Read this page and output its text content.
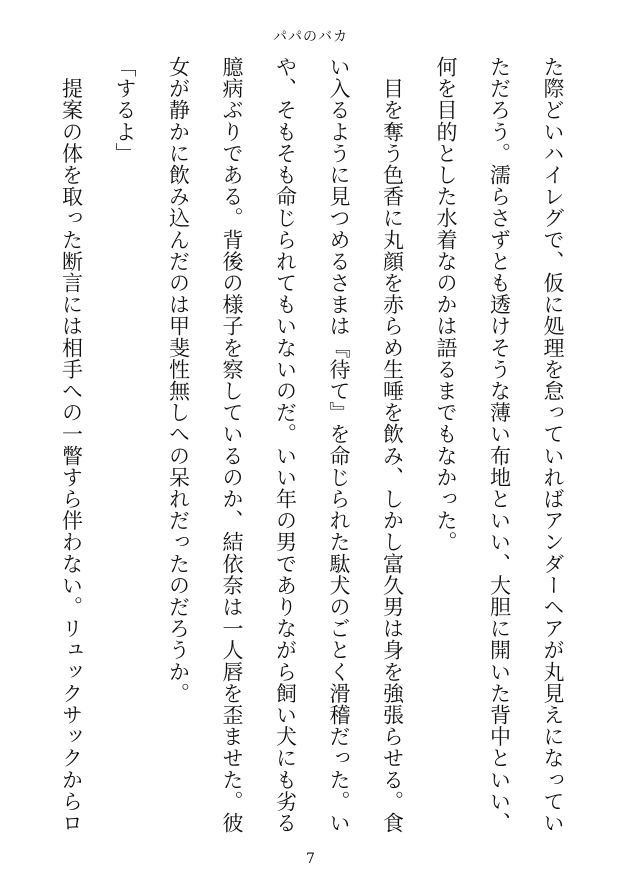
パパのバカ
た際どいハイレグで、仮に処理を怠っていればアンダーヘアが丸見えになってい
ただろう。濡らさずとも透けそうな薄い布地といい、大胆に開いた背中といい、
何を目的とした水着なのかは語るまでもなかった。
　目を奪う色香に丸顔を赤らめ生唾を飲み、しかし富久男は身を強張らせる。食
い入るように見つめるさまは『待て』を命じられた駄犬のごとく滑稽だった。い
や、そもそも命じられてもいないのだ。いい年の男でありながら飼い犬にも劣る
臆病ぶりである。背後の様子を察しているのか、結依奈は一人唇を歪ませた。彼
女が静かに飲み込んだのは甲斐性無しへの呆れだったのだろうか。
「するよ」
　提案の体を取った断言には相手への一瞥すら伴わない。リュックサックからロ
7
